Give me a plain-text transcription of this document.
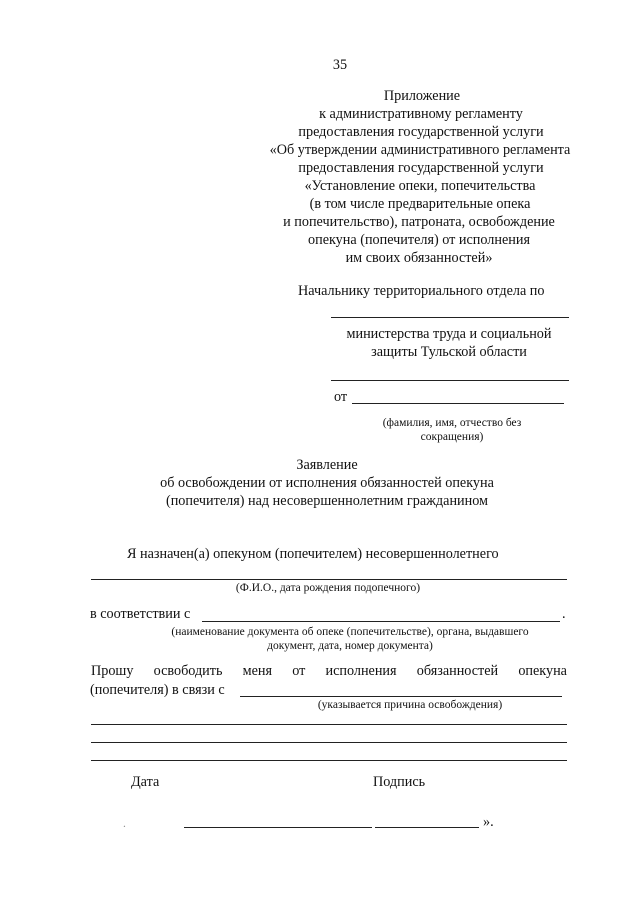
35
Приложение
к административному регламенту
предоставления государственной услуги
«Об утверждении административного регламента
предоставления государственной услуги
«Установление опеки, попечительства
(в том числе предварительные опека
и попечительство), патроната, освобождение
опекуна (попечителя) от исполнения
им своих обязанностей»
Начальнику территориального отдела по
министерства труда и социальной
защиты Тульской области
от
(фамилия, имя, отчество без
сокращения)
Заявление
об освобождении от исполнения обязанностей опекуна
(попечителя) над несовершеннолетним гражданином
Я назначен(а) опекуном (попечителем) несовершеннолетнего
(Ф.И.О., дата рождения подопечного)
в соответствии с	.
(наименование документа об опеке (попечительстве), органа, выдавшего
документ, дата, номер документа)
Прошу освободить меня от исполнения обязанностей опекуна
(попечителя) в связи с
(указывается причина освобождения)
Дата	Подпись
».
.
